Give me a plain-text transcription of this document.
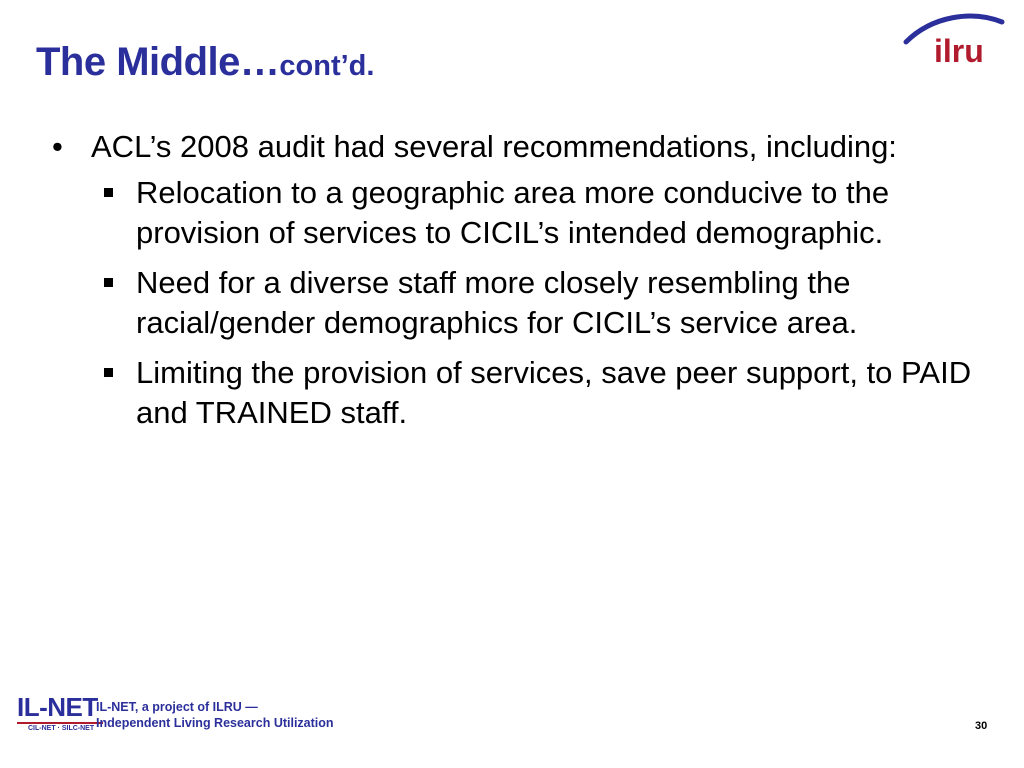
The Middle…cont’d.	ilru
• ACL’s 2008 audit had several recommendations, including:
Relocation to a geographic area more conducive to the provision of services to CICIL’s intended demographic.
Need for a diverse staff more closely resembling the racial/gender demographics for CICIL’s service area.
Limiting the provision of services, save peer support, to PAID and TRAINED staff.
IL-NET
CIL-NET · SILC-NET
IL-NET, a project of ILRU —
Independent Living Research Utilization	30
